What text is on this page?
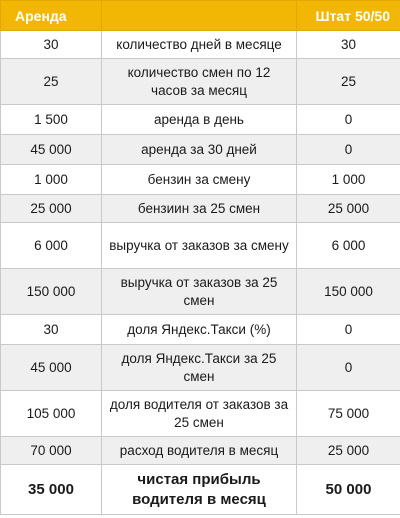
Аренда		Штат 50/50
30	количество дней в месяце	30
25	количество смен по 12 часов за месяц	25
1 500	аренда в день	0
45 000	аренда за 30 дней	0
1 000	бензин за смену	1 000
25 000	бензиин за 25 смен	25 000
6 000	выручка от заказов за смену	6 000
150 000	выручка от заказов за 25 смен	150 000
30	доля Яндекс.Такси (%)	0
45 000	доля Яндекс.Такси за 25 смен	0
105 000	доля водителя от заказов за 25 смен	75 000
70 000	расход водителя в месяц	25 000
35 000	чистая прибыль водителя в месяц	50 000
